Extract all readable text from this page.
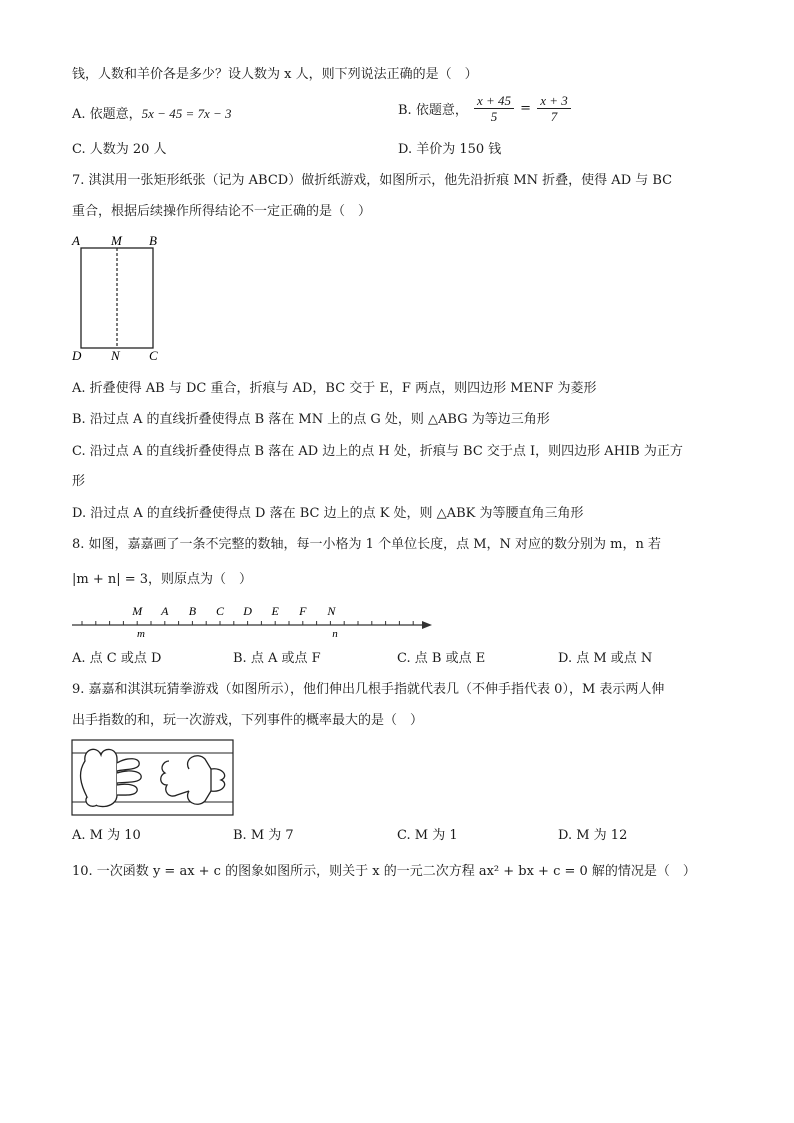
钱，人数和羊价各是多少？设人数为 x 人，则下列说法正确的是（　）
A. 依题意，5x − 45 = 7x − 3	B. 依题意， $\frac{x + 45}{5} = \frac{x + 3}{7}$
C. 人数为 20 人	D. 羊价为 150 钱
7. 淇淇用一张矩形纸张（记为 ABCD）做折纸游戏，如图所示，他先沿折痕 MN 折叠，使得 AD 与 BC
重合，根据后续操作所得结论不一定正确的是（　）
A M B
D N C
A. 折叠使得 AB 与 DC 重合，折痕与 AD，BC 交于 E，F 两点，则四边形 MENF 为菱形
B. 沿过点 A 的直线折叠使得点 B 落在 MN 上的点 G 处，则 △ABG 为等边三角形
C. 沿过点 A 的直线折叠使得点 B 落在 AD 边上的点 H 处，折痕与 BC 交于点 I，则四边形 AHIB 为正方
形
D. 沿过点 A 的直线折叠使得点 D 落在 BC 边上的点 K 处，则 △ABK 为等腰直角三角形
8. 如图，嘉嘉画了一条不完整的数轴，每一小格为 1 个单位长度，点 M，N 对应的数分别为 m，n 若
|m + n| = 3，则原点为（　）
M A B C D E F N
m	n
A. 点 C 或点 D	B. 点 A 或点 F	C. 点 B 或点 E	D. 点 M 或点 N
9. 嘉嘉和淇淇玩猜拳游戏（如图所示），他们伸出几根手指就代表几（不伸手指代表 0），M 表示两人伸
出手指数的和，玩一次游戏，下列事件的概率最大的是（　）
A. M 为 10	B. M 为 7	C. M 为 1	D. M 为 12
10. 一次函数 y = ax + c 的图象如图所示，则关于 x 的一元二次方程 ax² + bx + c = 0 解的情况是（　）
